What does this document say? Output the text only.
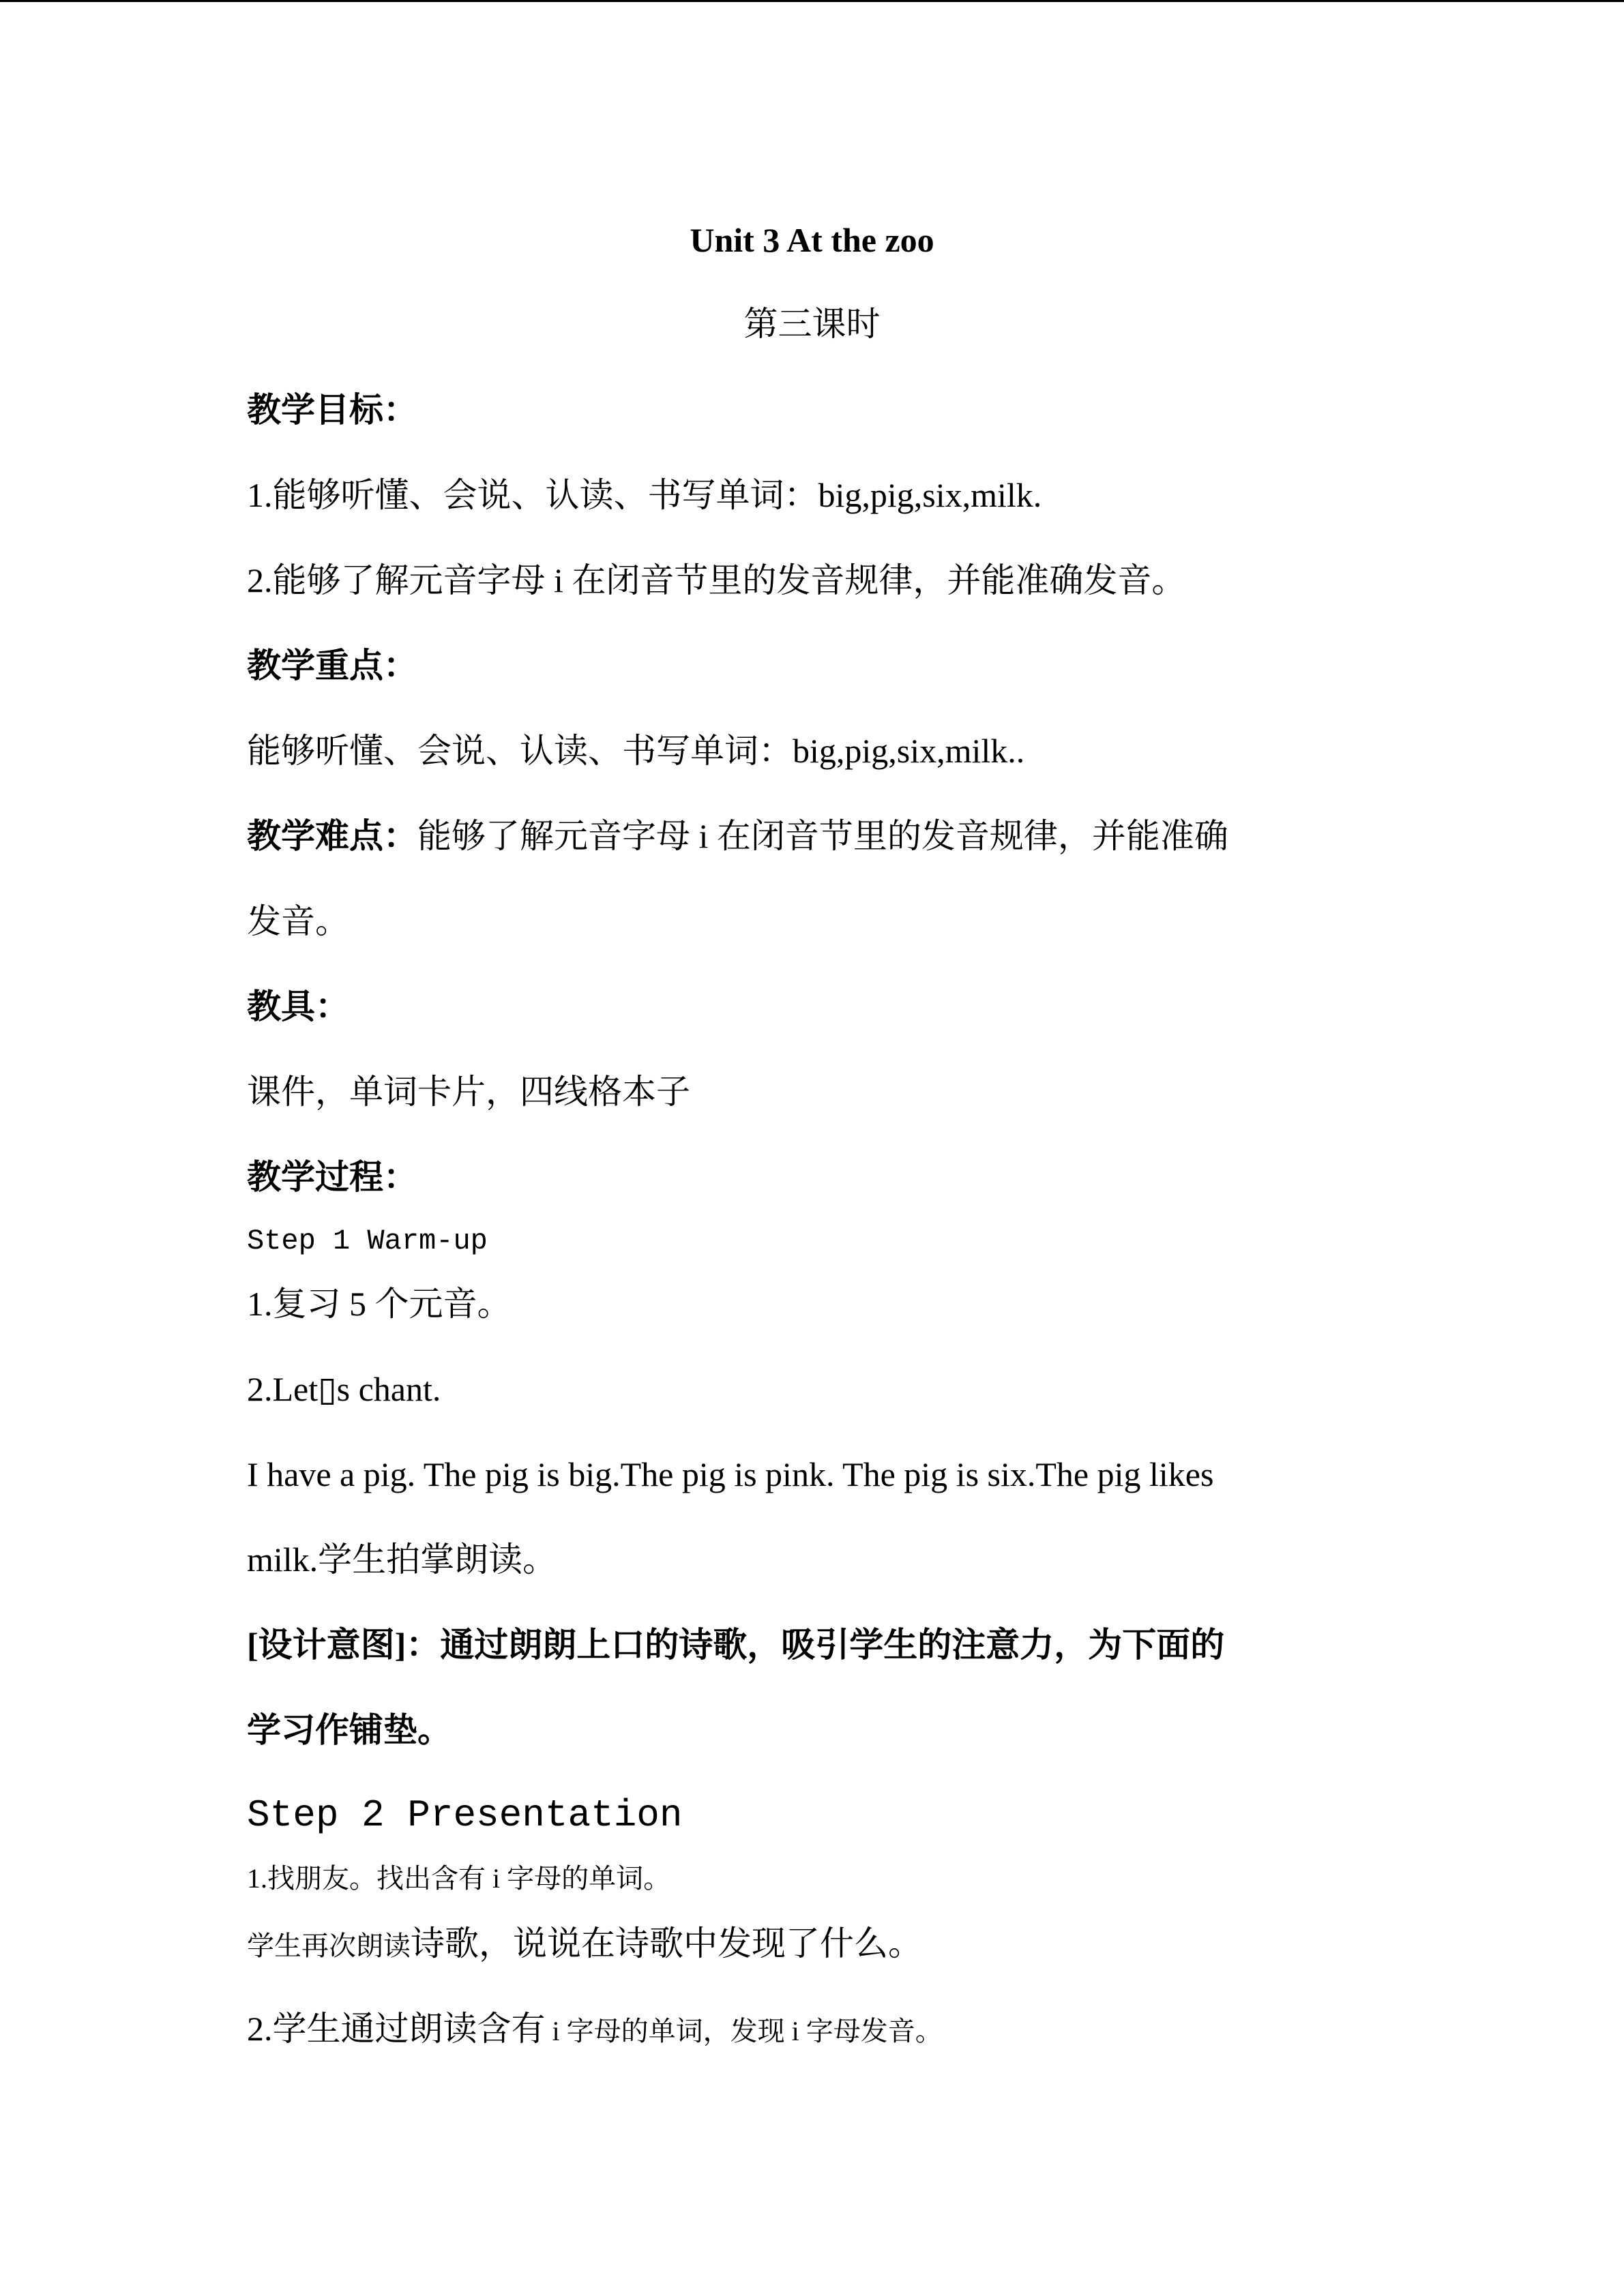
Unit 3 At the zoo
第三课时
教学目标：
1.能够听懂、会说、认读、书写单词：big,pig,six,milk.
2.能够了解元音字母 i 在闭音节里的发音规律，并能准确发音。
教学重点：
能够听懂、会说、认读、书写单词：big,pig,six,milk..
教学难点：能够了解元音字母 i 在闭音节里的发音规律，并能准确
发音。
教具：
课件，单词卡片，四线格本子
教学过程：
Step 1 Warm-up
1.复习 5 个元音。
2.Let▯s chant.
I have a pig. The pig is big.The pig is pink. The pig is six.The pig likes
milk.学生拍掌朗读。
[设计意图]：通过朗朗上口的诗歌，吸引学生的注意力，为下面的
学习作铺垫。
Step 2 Presentation
1.找朋友。找出含有 i 字母的单词。
学生再次朗读诗歌，说说在诗歌中发现了什么。
2.学生通过朗读含有 i 字母的单词，发现 i 字母发音。
